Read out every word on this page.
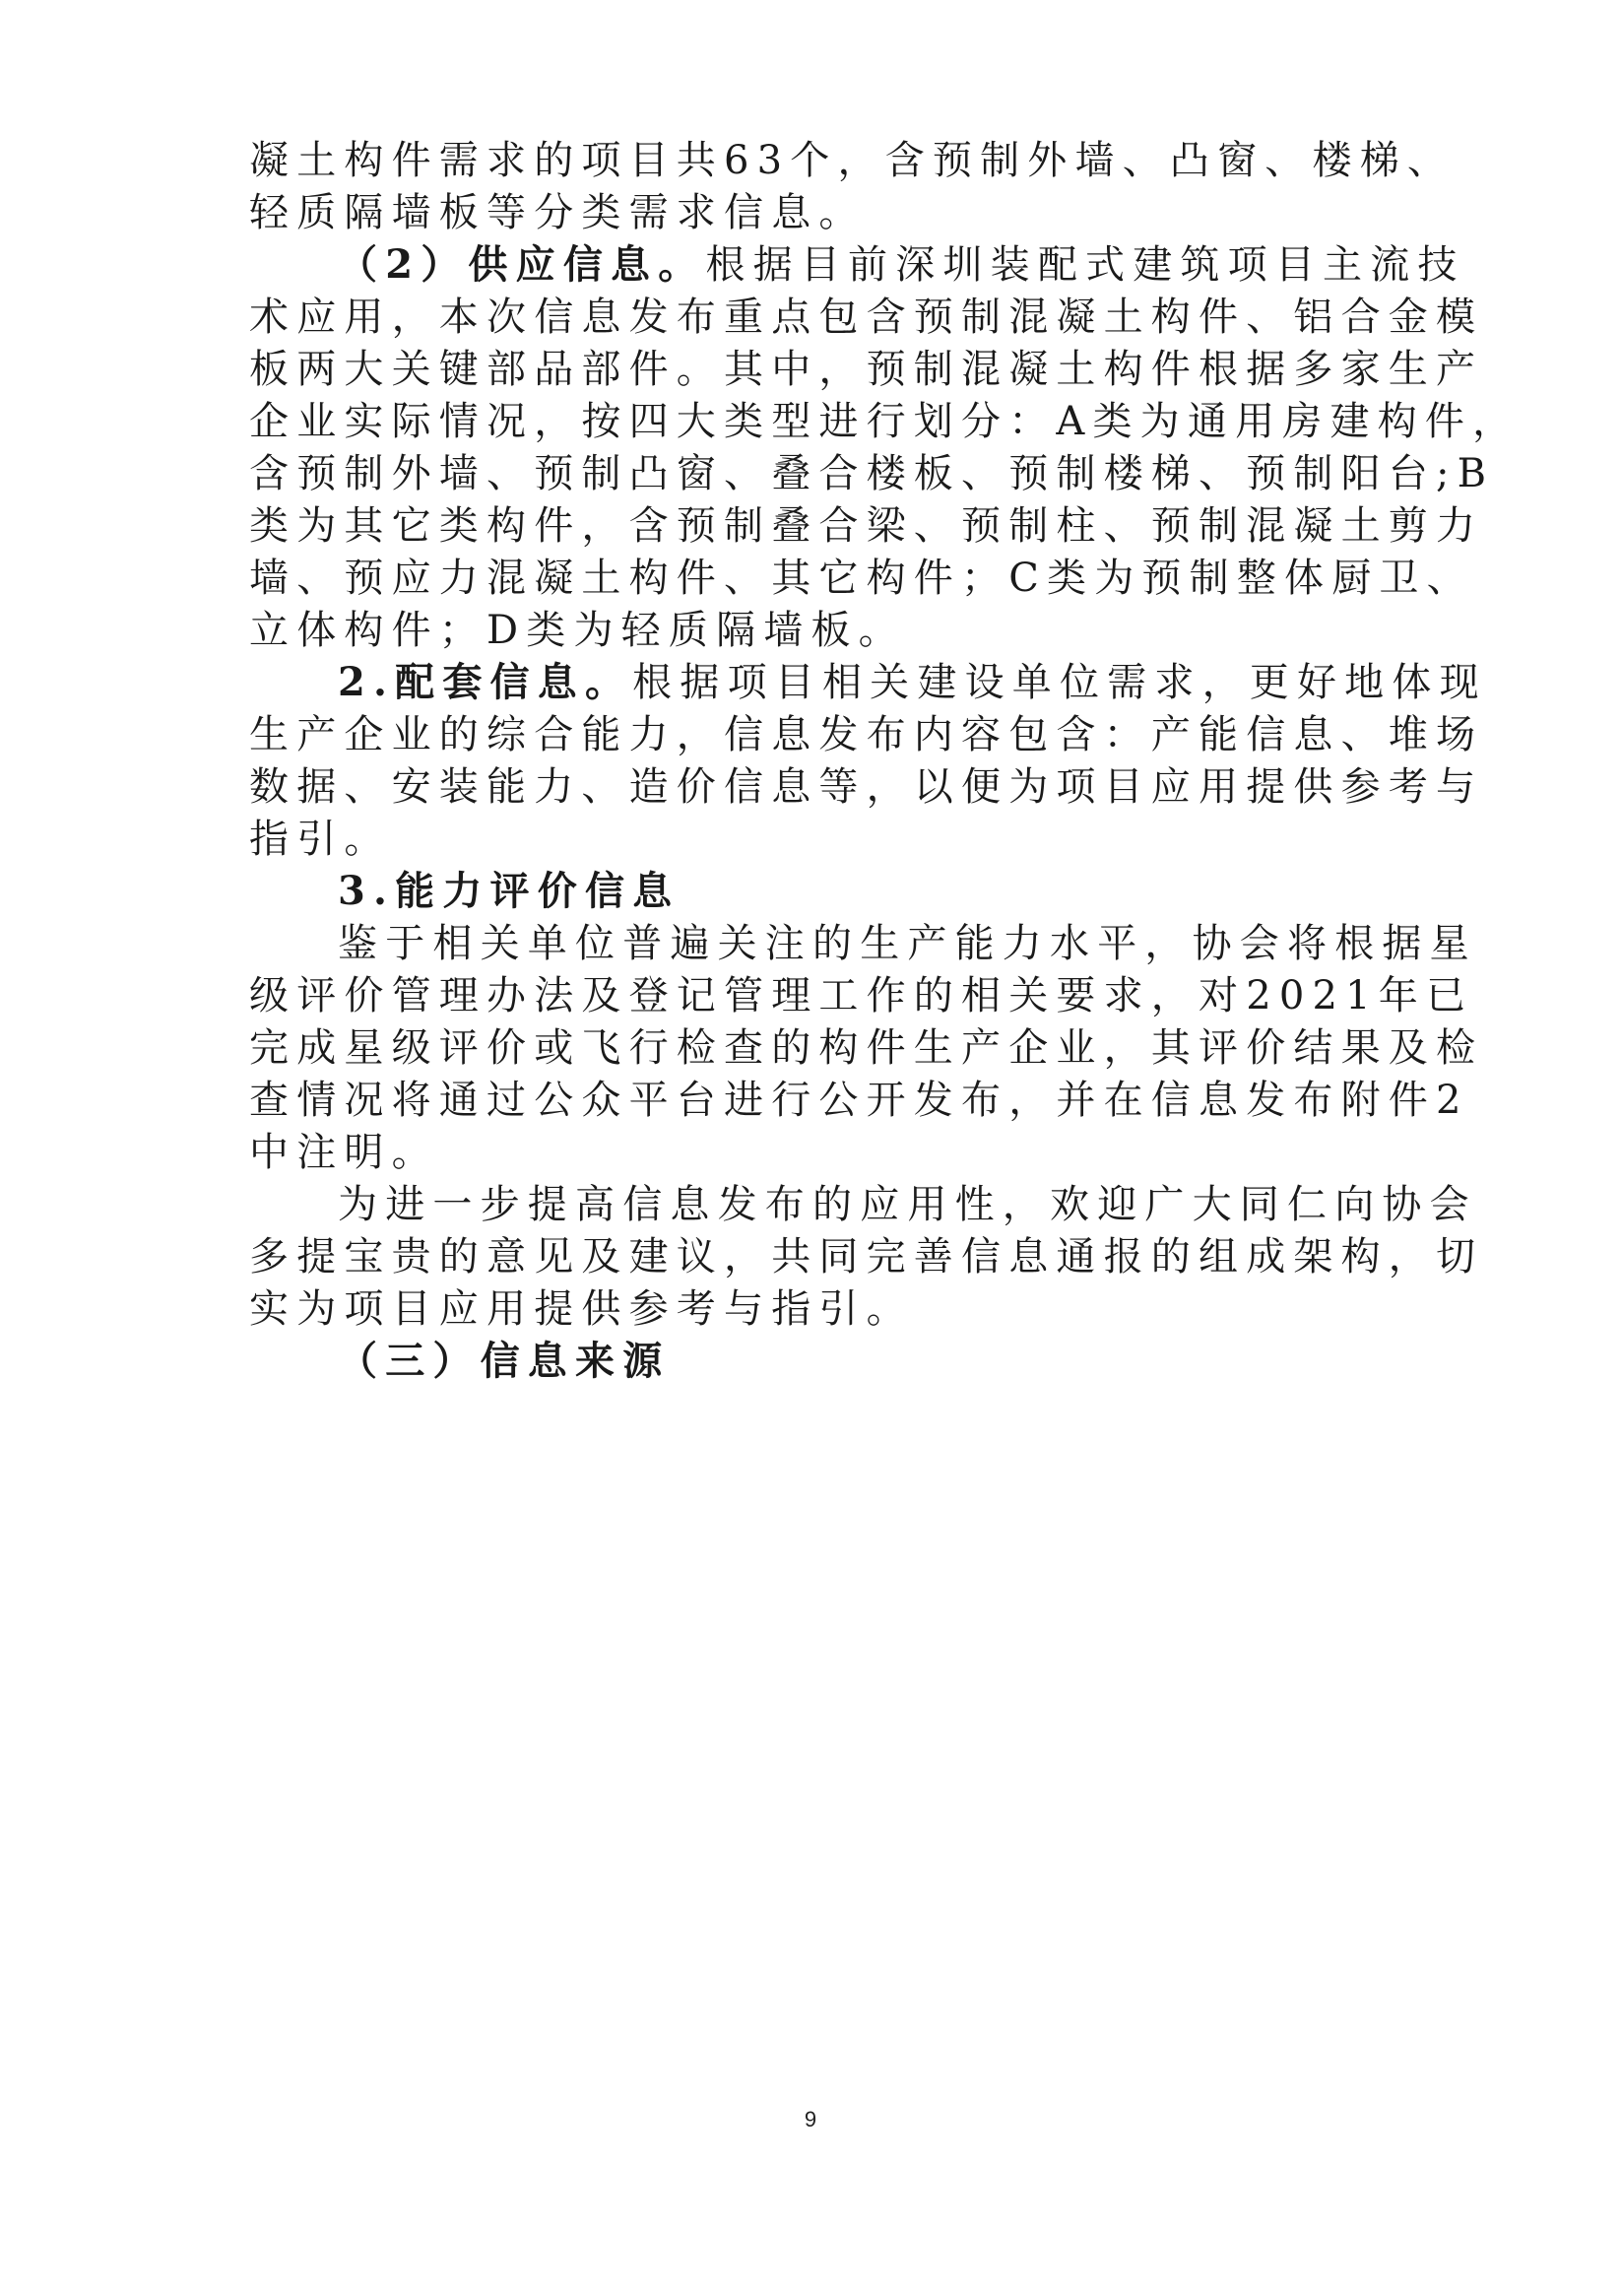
凝土构件需求的项目共63个，含预制外墙、凸窗、楼梯、

轻质隔墙板等分类需求信息。

（2）供应信息。根据目前深圳装配式建筑项目主流技

术应用，本次信息发布重点包含预制混凝土构件、铝合金模

板两大关键部品部件。其中，预制混凝土构件根据多家生产

企业实际情况，按四大类型进行划分：A类为通用房建构件，

含预制外墙、预制凸窗、叠合楼板、预制楼梯、预制阳台;B

类为其它类构件，含预制叠合梁、预制柱、预制混凝土剪力

墙、预应力混凝土构件、其它构件；C类为预制整体厨卫、

立体构件；D类为轻质隔墙板。

2.配套信息。根据项目相关建设单位需求，更好地体现

生产企业的综合能力，信息发布内容包含：产能信息、堆场

数据、安装能力、造价信息等，以便为项目应用提供参考与

指引。

3.能力评价信息

鉴于相关单位普遍关注的生产能力水平，协会将根据星

级评价管理办法及登记管理工作的相关要求，对2021年已

完成星级评价或飞行检查的构件生产企业，其评价结果及检

查情况将通过公众平台进行公开发布，并在信息发布附件2

中注明。

为进一步提高信息发布的应用性，欢迎广大同仁向协会

多提宝贵的意见及建议，共同完善信息通报的组成架构，切

实为项目应用提供参考与指引。

（三）信息来源

9
